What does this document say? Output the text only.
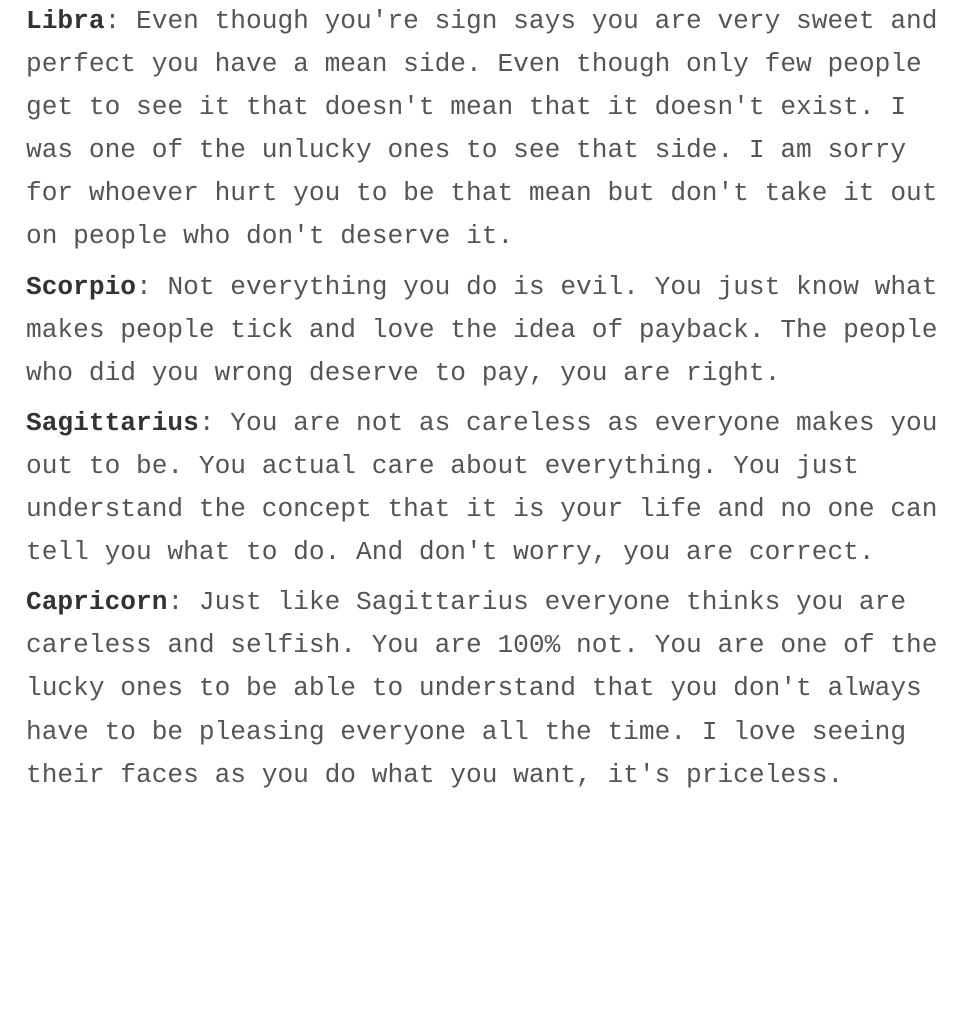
Libra: Even though you're sign says you are very sweet and perfect you have a mean side. Even though only few people get to see it that doesn't mean that it doesn't exist. I was one of the unlucky ones to see that side. I am sorry for whoever hurt you to be that mean but don't take it out on people who don't deserve it.

Scorpio: Not everything you do is evil. You just know what makes people tick and love the idea of payback. The people who did you wrong deserve to pay, you are right.

Sagittarius: You are not as careless as everyone makes you out to be. You actual care about everything. You just understand the concept that it is your life and no one can tell you what to do. And don't worry, you are correct.

Capricorn: Just like Sagittarius everyone thinks you are careless and selfish. You are 100% not. You are one of the lucky ones to be able to understand that you don't always have to be pleasing everyone all the time. I love seeing their faces as you do what you want, it's priceless.
